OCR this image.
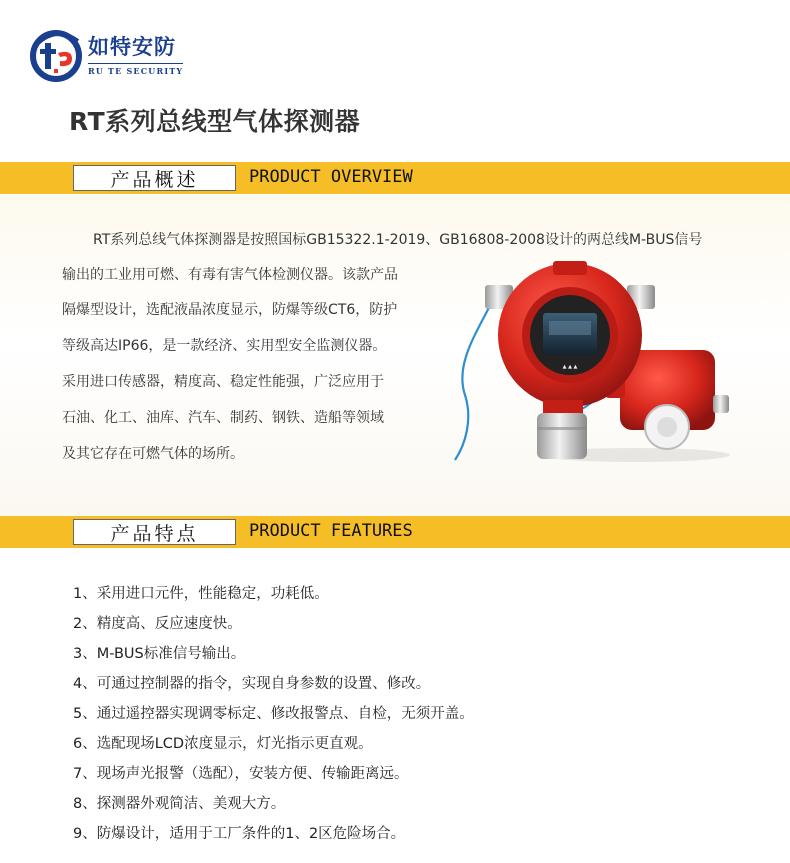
如特安防
RU TE SECURITY
RT系列总线型气体探测器
产品概述	PRODUCT OVERVIEW
RT系列总线气体探测器是按照国标GB15322.1-2019、GB16808-2008设计的两总线M-BUS信号
输出的工业用可燃、有毒有害气体检测仪器。该款产品
隔爆型设计，选配液晶浓度显示，防爆等级CT6，防护
等级高达IP66，是一款经济、实用型安全监测仪器。
采用进口传感器，精度高、稳定性能强，广泛应用于
石油、化工、油库、汽车、制药、钢铁、造船等领域
及其它存在可燃气体的场所。
▲ ▲ ▲
产品特点	PRODUCT FEATURES
1、采用进口元件，性能稳定，功耗低。
2、精度高、反应速度快。
3、M-BUS标准信号输出。
4、可通过控制器的指令，实现自身参数的设置、修改。
5、通过遥控器实现调零标定、修改报警点、自检，无须开盖。
6、选配现场LCD浓度显示，灯光指示更直观。
7、现场声光报警（选配），安装方便、传输距离远。
8、探测器外观简洁、美观大方。
9、防爆设计，适用于工厂条件的1、2区危险场合。
